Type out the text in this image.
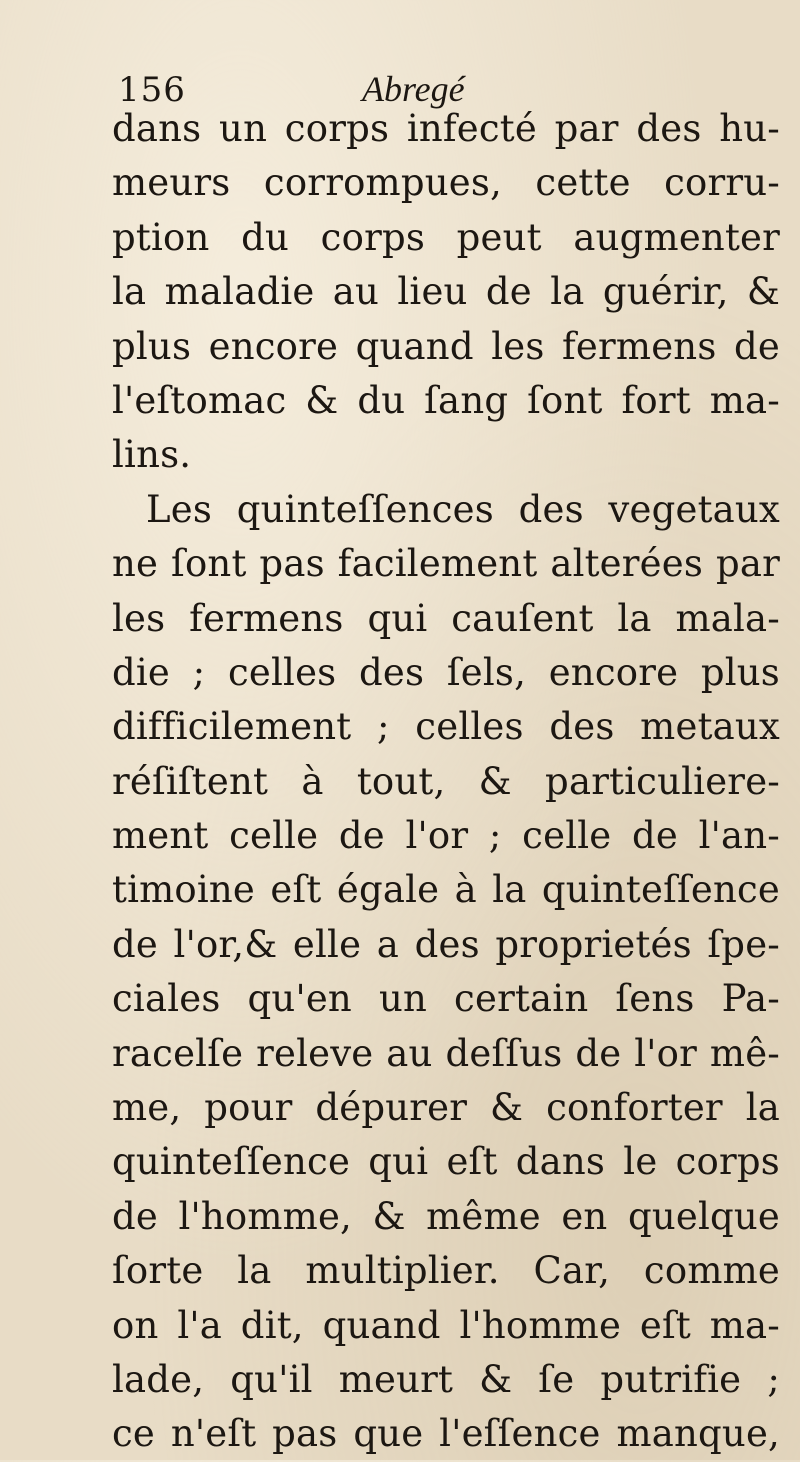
156	Abregé
dans un corps infecté par des hu-
meurs corrompues, cette corru-
ption du corps peut augmenter
la maladie au lieu de la guérir, &
plus encore quand les fermens de
l'eſtomac & du ſang ſont fort ma-
lins.
Les quinteſſences des vegetaux
ne ſont pas facilement alterées par
les fermens qui cauſent la mala-
die ; celles des ſels, encore plus
difficilement ; celles des metaux
réſiſtent à tout, & particuliere-
ment celle de l'or ; celle de l'an-
timoine eſt égale à la quinteſſence
de l'or,& elle a des proprietés ſpe-
ciales qu'en un certain ſens Pa-
racelſe releve au deſſus de l'or mê-
me, pour dépurer & conforter la
quinteſſence qui eſt dans le corps
de l'homme, & même en quelque
ſorte la multiplier. Car, comme
on l'a dit, quand l'homme eſt ma-
lade, qu'il meurt & ſe putrifie ;
ce n'eſt pas que l'eſſence manque,
